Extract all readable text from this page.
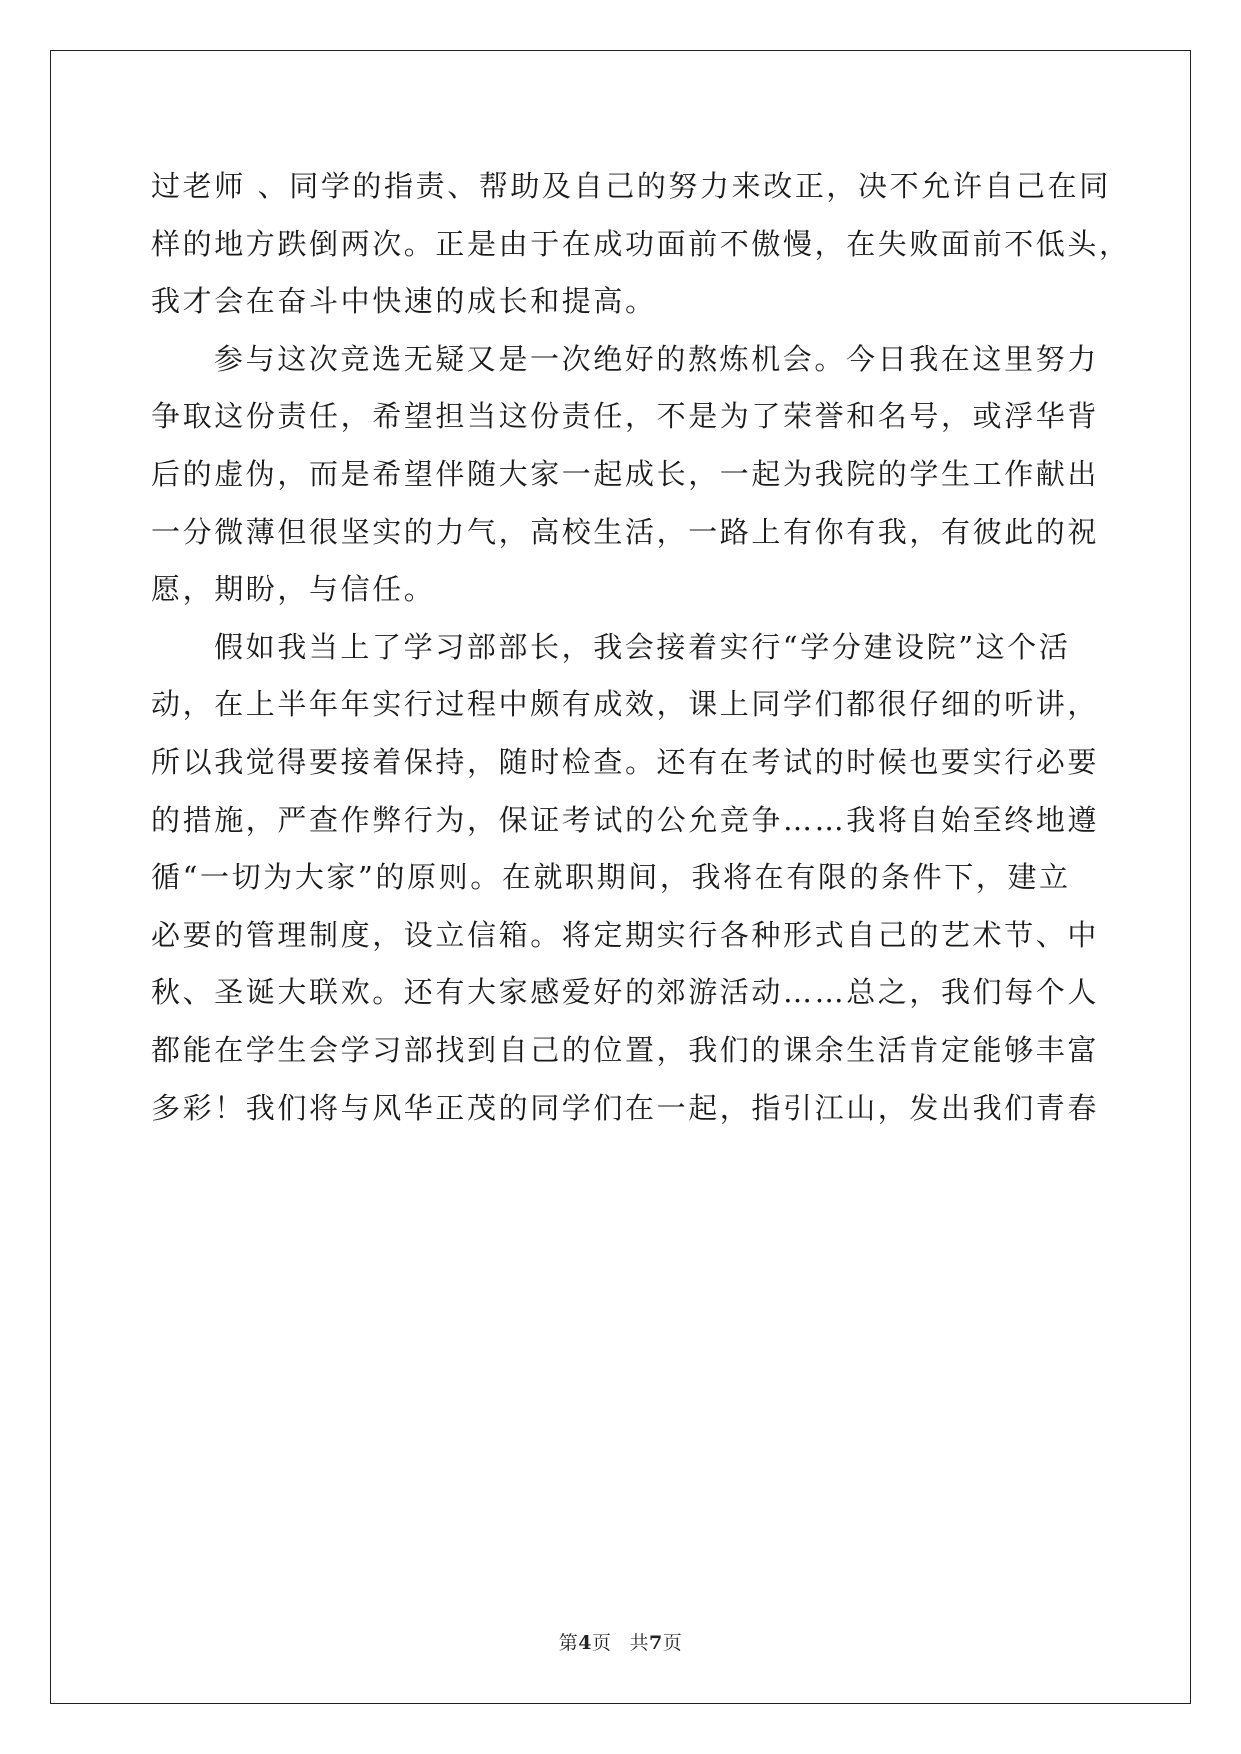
过老师 、同学的指责、帮助及自己的努力来改正，决不允许自己在同
样的地方跌倒两次。正是由于在成功面前不傲慢，在失败面前不低头，
我才会在奋斗中快速的成长和提高。
参与这次竞选无疑又是一次绝好的熬炼机会。今日我在这里努力
争取这份责任，希望担当这份责任，不是为了荣誉和名号，或浮华背
后的虚伪，而是希望伴随大家一起成长，一起为我院的学生工作献出
一分微薄但很坚实的力气，高校生活，一路上有你有我，有彼此的祝
愿，期盼，与信任。
假如我当上了学习部部长，我会接着实行“学分建设院”这个活
动，在上半年年实行过程中颇有成效，课上同学们都很仔细的听讲，
所以我觉得要接着保持，随时检查。还有在考试的时候也要实行必要
的措施，严查作弊行为，保证考试的公允竞争……我将自始至终地遵
循“一切为大家”的原则。在就职期间，我将在有限的条件下，建立
必要的管理制度，设立信箱。将定期实行各种形式自己的艺术节、中
秋、圣诞大联欢。还有大家感爱好的郊游活动……总之，我们每个人
都能在学生会学习部找到自己的位置，我们的课余生活肯定能够丰富
多彩！我们将与风华正茂的同学们在一起，指引江山，发出我们青春
第4页 共7页
